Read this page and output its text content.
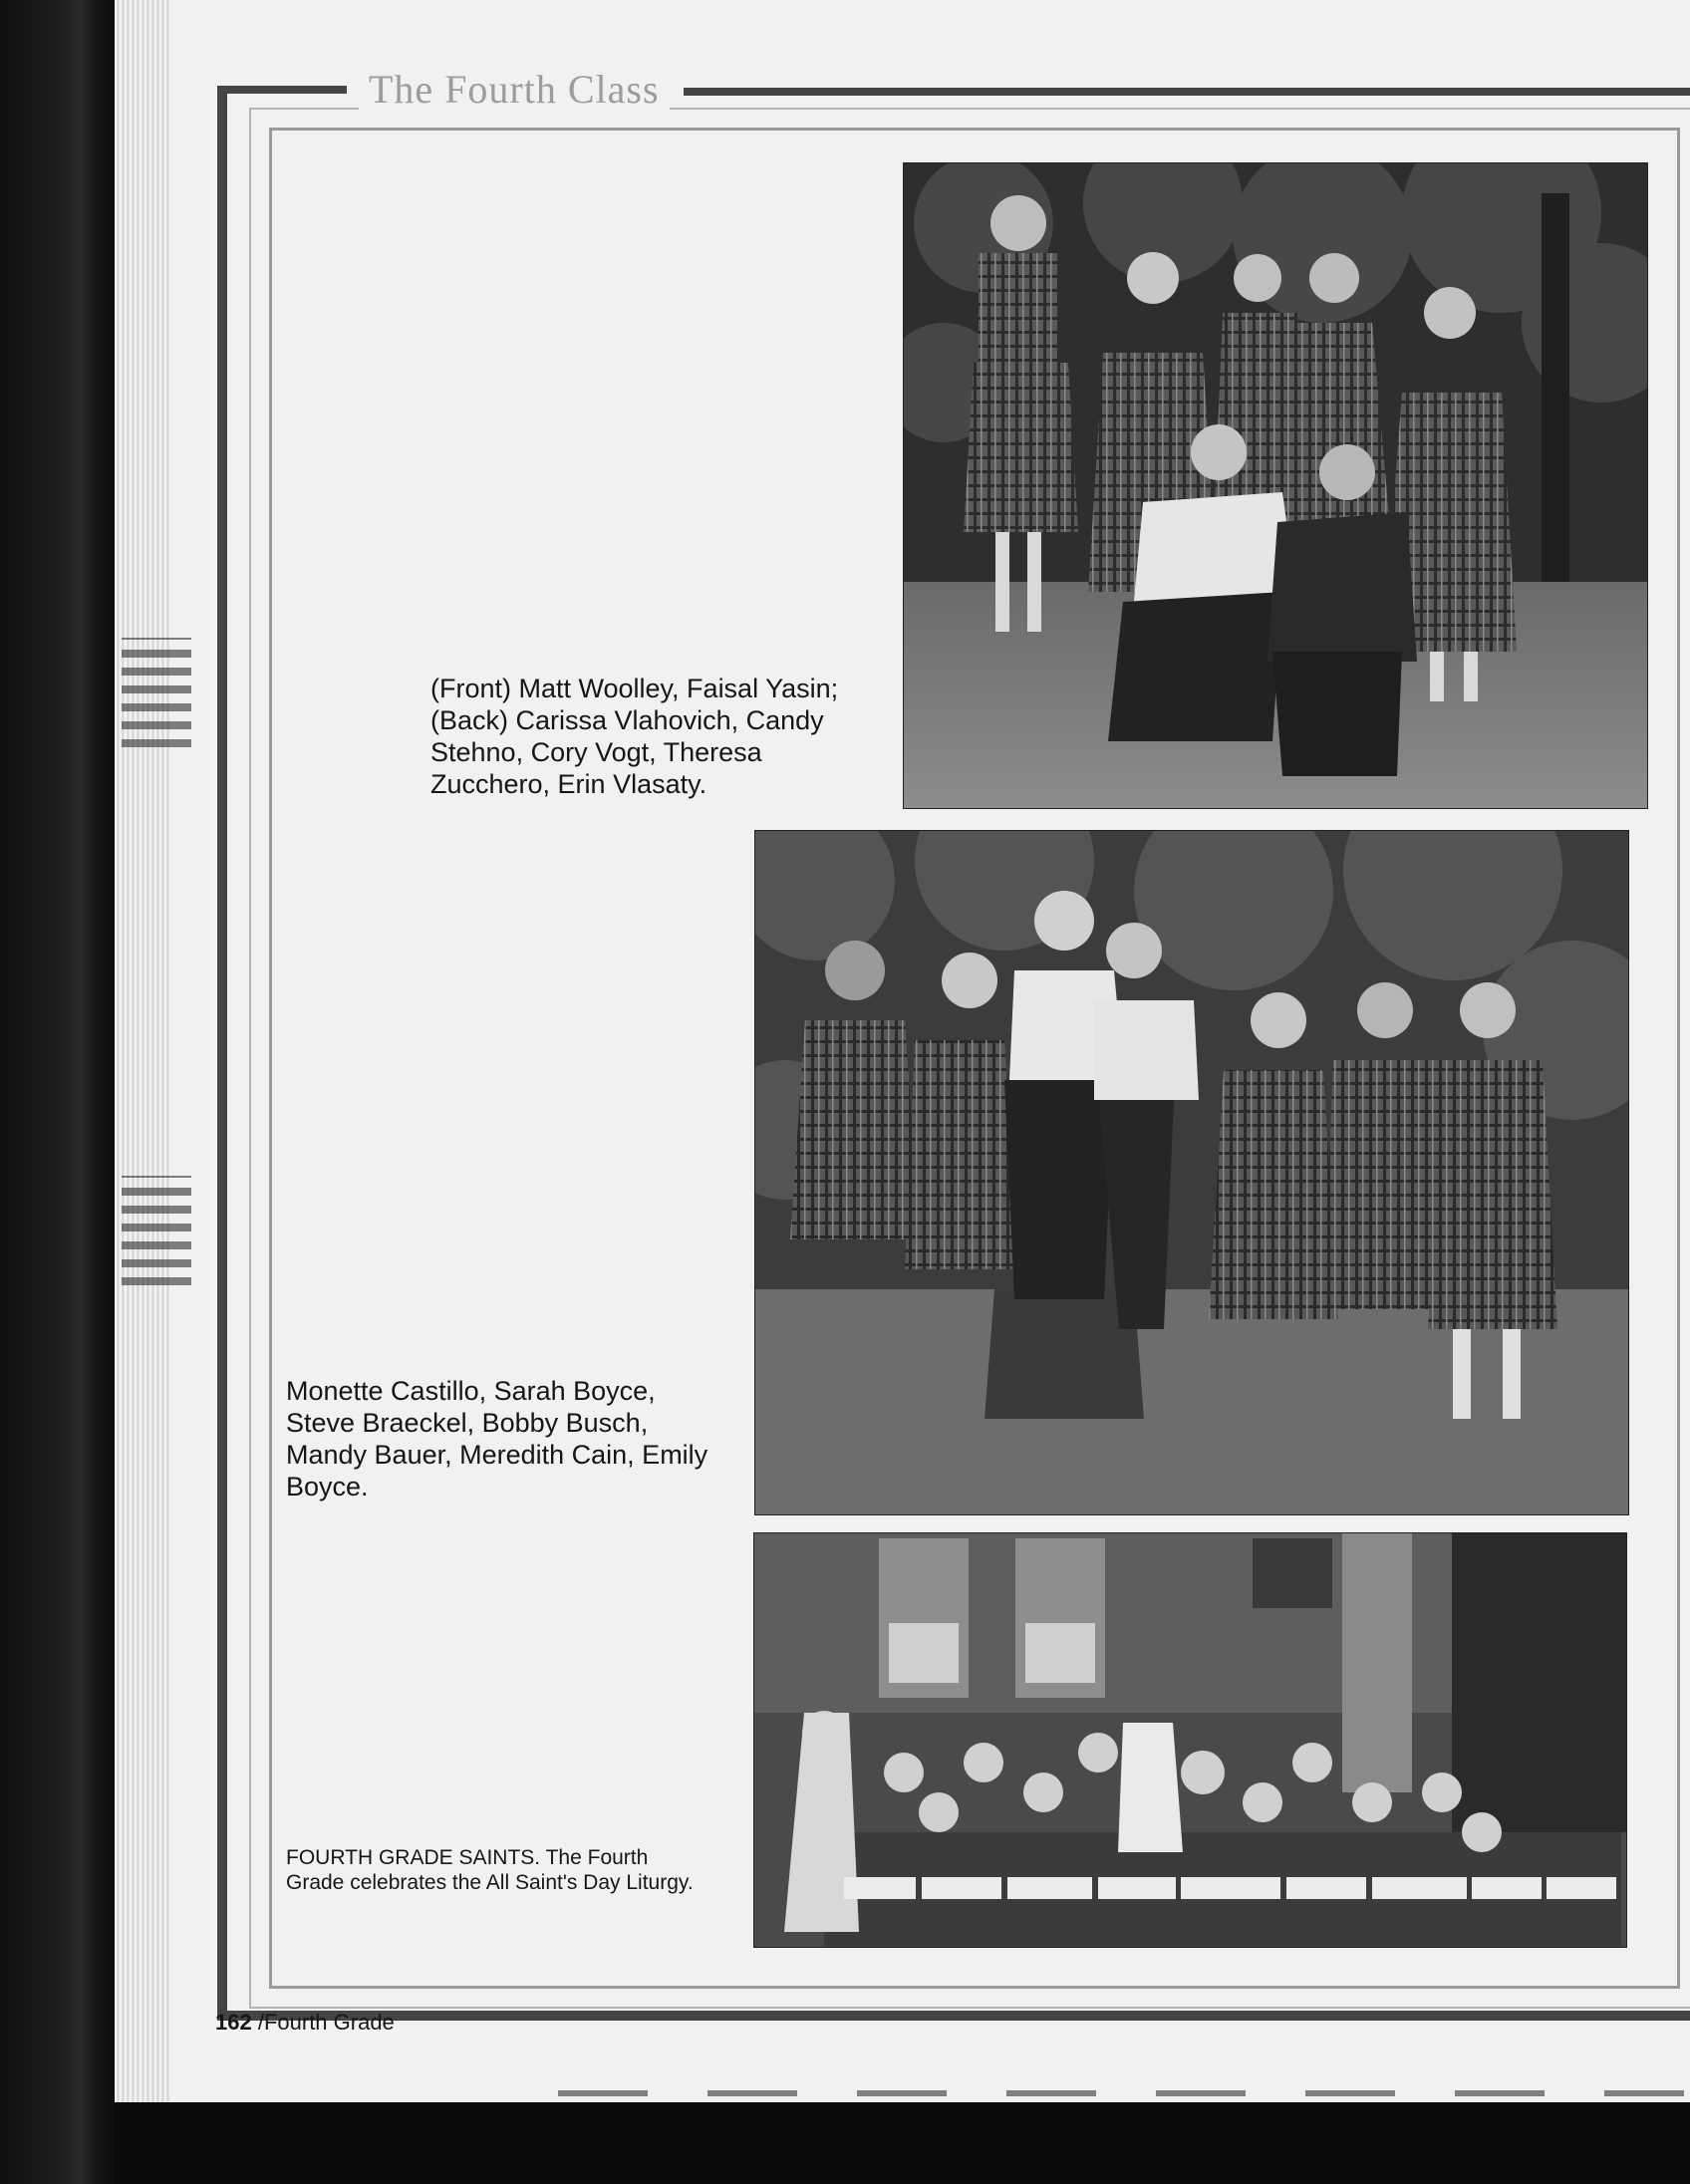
The Fourth Class

(Front) Matt Woolley, Faisal Yasin; (Back) Carissa Vlahovich, Candy Stehno, Cory Vogt, Theresa Zucchero, Erin Vlasaty.

Monette Castillo, Sarah Boyce, Steve Braeckel, Bobby Busch, Mandy Bauer, Meredith Cain, Emily Boyce.

FOURTH GRADE SAINTS. The Fourth Grade celebrates the All Saint's Day Liturgy.

162 /Fourth Grade
